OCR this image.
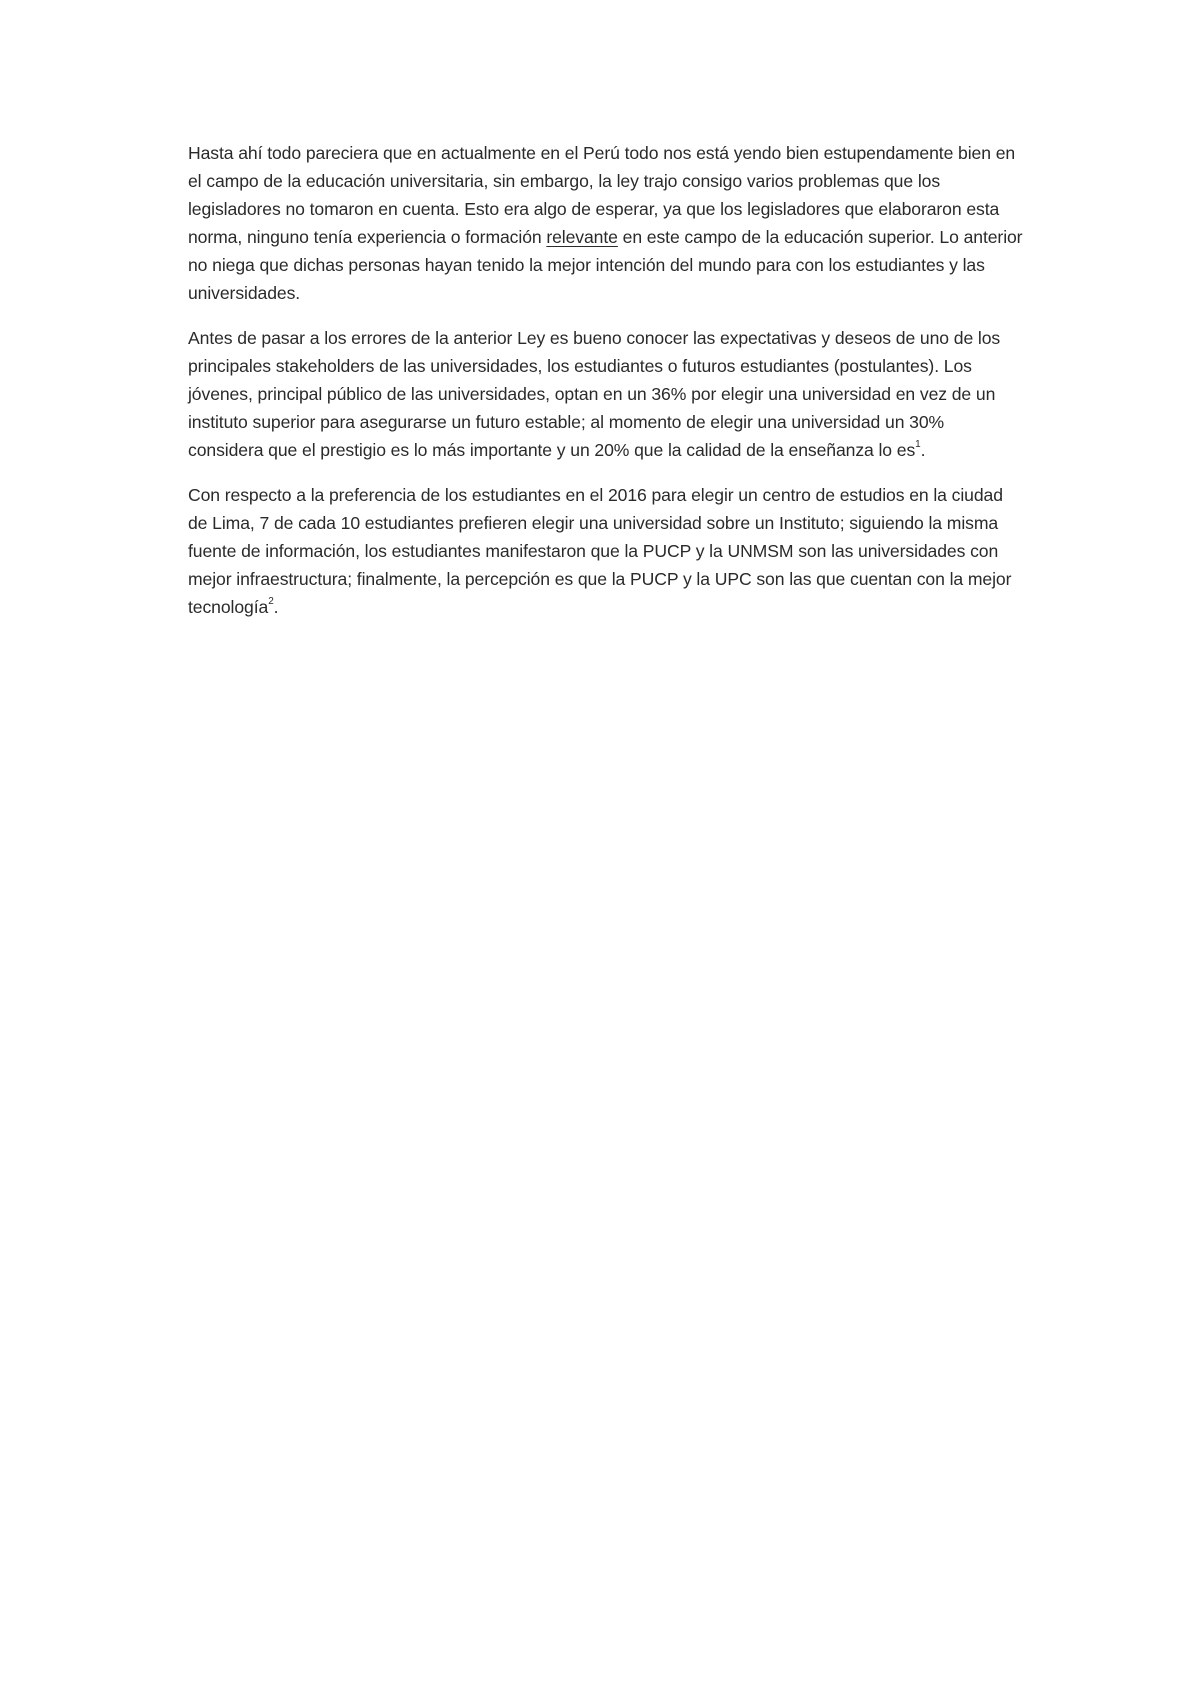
Hasta ahí todo pareciera que en actualmente en el Perú todo nos está yendo bien estupendamente bien en el campo de la educación universitaria, sin embargo, la ley trajo consigo varios problemas que los legisladores no tomaron en cuenta. Esto era algo de esperar, ya que los legisladores que elaboraron esta norma, ninguno tenía experiencia o formación relevante en este campo de la educación superior. Lo anterior no niega que dichas personas hayan tenido la mejor intención del mundo para con los estudiantes y las universidades.

Antes de pasar a los errores de la anterior Ley es bueno conocer las expectativas y deseos de uno de los principales stakeholders de las universidades, los estudiantes o futuros estudiantes (postulantes). Los jóvenes, principal público de las universidades, optan en un 36% por elegir una universidad en vez de un instituto superior para asegurarse un futuro estable; al momento de elegir una universidad un 30% considera que el prestigio es lo más importante y un 20% que la calidad de la enseñanza lo $es^1$.

Con respecto a la preferencia de los estudiantes en el 2016 para elegir un centro de estudios en la ciudad de Lima, 7 de cada 10 estudiantes prefieren elegir una universidad sobre un Instituto; siguiendo la misma fuente de información, los estudiantes manifestaron que la PUCP y la UNMSM son las universidades con mejor infraestructura; finalmente, la percepción es que la PUCP y la UPC son las que cuentan con la mejor tecnología$^2$.
